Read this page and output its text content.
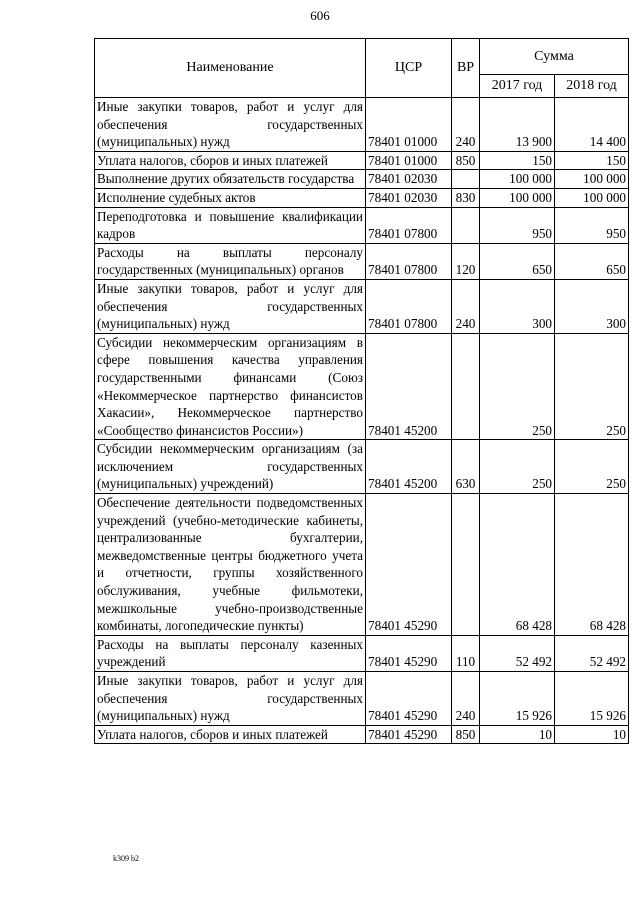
606
Наименование	ЦСР	ВР	Сумма	
			2017 год	2018 год
Иные закупки товаров, работ и услуг для обеспечения государственных (муниципальных) нужд	78401 01000	240	13 900	14 400
Уплата налогов, сборов и иных платежей	78401 01000	850	150	150
Выполнение других обязательств государства	78401 02030		100 000	100 000
Исполнение судебных актов	78401 02030	830	100 000	100 000
Переподготовка и повышение квалификации кадров	78401 07800		950	950
Расходы на выплаты персоналу государственных (муниципальных) органов	78401 07800	120	650	650
Иные закупки товаров, работ и услуг для обеспечения государственных (муниципальных) нужд	78401 07800	240	300	300
Субсидии некоммерческим организациям в сфере повышения качества управления государственными финансами (Союз «Некоммерческое партнерство финансистов Хакасии», Некоммерческое партнерство «Сообщество финансистов России»)	78401 45200		250	250
Субсидии некоммерческим организациям (за исключением государственных (муниципальных) учреждений)	78401 45200	630	250	250
Обеспечение деятельности подведомственных учреждений (учебно-методические кабинеты, централизованные бухгалтерии, межведомственные центры бюджетного учета и отчетности, группы хозяйственного обслуживания, учебные фильмотеки, межшкольные учебно-производственные комбинаты, логопедические пункты)	78401 45290		68 428	68 428
Расходы на выплаты персоналу казенных учреждений	78401 45290	110	52 492	52 492
Иные закупки товаров, работ и услуг для обеспечения государственных (муниципальных) нужд	78401 45290	240	15 926	15 926
Уплата налогов, сборов и иных платежей	78401 45290	850	10	10
k309 b2
